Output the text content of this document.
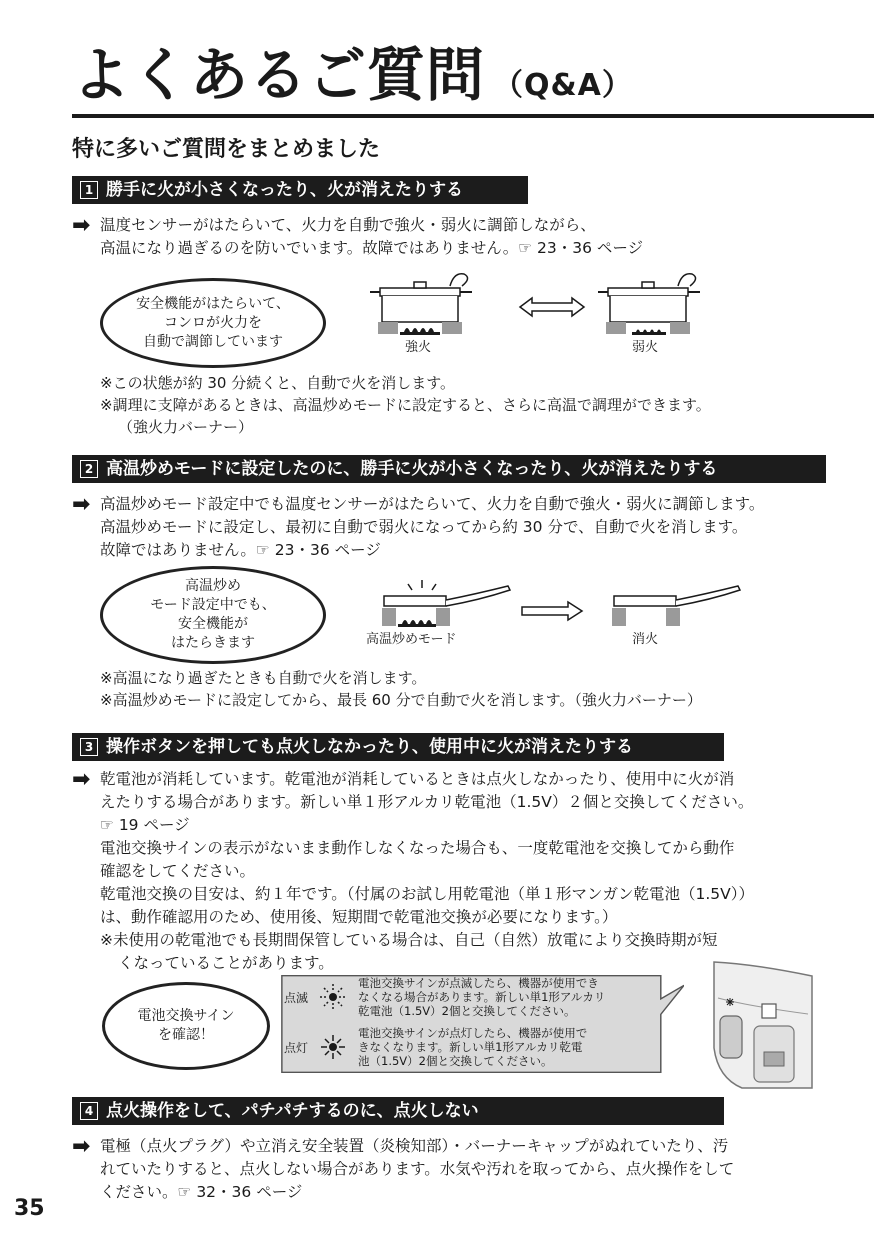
よくあるご質問 （Q&A）
特に多いご質問をまとめました
1 勝手に火が小さくなったり、火が消えたりする
➡ 温度センサーがはたらいて、火力を自動で強火・弱火に調節しながら、
高温になり過ぎるのを防いでいます。故障ではありません。☞ 23・36 ページ
安全機能がはたらいて、
コンロが火力を
自動で調節しています	強火	弱火
※この状態が約 30 分続くと、自動で火を消します。
※調理に支障があるときは、高温炒めモードに設定すると、さらに高温で調理ができます。
（強火力バーナー）
2 高温炒めモードに設定したのに、勝手に火が小さくなったり、火が消えたりする
➡ 高温炒めモード設定中でも温度センサーがはたらいて、火力を自動で強火・弱火に調節します。
高温炒めモードに設定し、最初に自動で弱火になってから約 30 分で、自動で火を消します。
故障ではありません。☞ 23・36 ページ
高温炒め
モード設定中でも、
安全機能が
はたらきます	高温炒めモード	消火
※高温になり過ぎたときも自動で火を消します。
※高温炒めモードに設定してから、最長 60 分で自動で火を消します。（強火力バーナー）
3 操作ボタンを押しても点火しなかったり、使用中に火が消えたりする
➡ 乾電池が消耗しています。乾電池が消耗しているときは点火しなかったり、使用中に火が消
えたりする場合があります。新しい単１形アルカリ乾電池（1.5V）２個と交換してください。
☞ 19 ページ
電池交換サインの表示がないまま動作しなくなった場合も、一度乾電池を交換してから動作
確認をしてください。
乾電池交換の目安は、約１年です。（付属のお試し用乾電池（単１形マンガン乾電池（1.5V））
は、動作確認用のため、使用後、短期間で乾電池交換が必要になります。）
※未使用の乾電池でも長期間保管している場合は、自己（自然）放電により交換時期が短
くなっていることがあります。
電池交換サイン
を確認！
点滅
点灯
電池交換サインが点滅したら、機器が使用でき
なくなる場合があります。新しい単1形アルカリ
乾電池（1.5V）2個と交換してください。
電池交換サインが点灯したら、機器が使用で
きなくなります。新しい単1形アルカリ乾電
池（1.5V）2個と交換してください。
4 点火操作をして、パチパチするのに、点火しない
➡ 電極（点火プラグ）や立消え安全装置（炎検知部）・バーナーキャップがぬれていたり、汚
れていたりすると、点火しない場合があります。水気や汚れを取ってから、点火操作をして
ください。☞ 32・36 ページ
35
